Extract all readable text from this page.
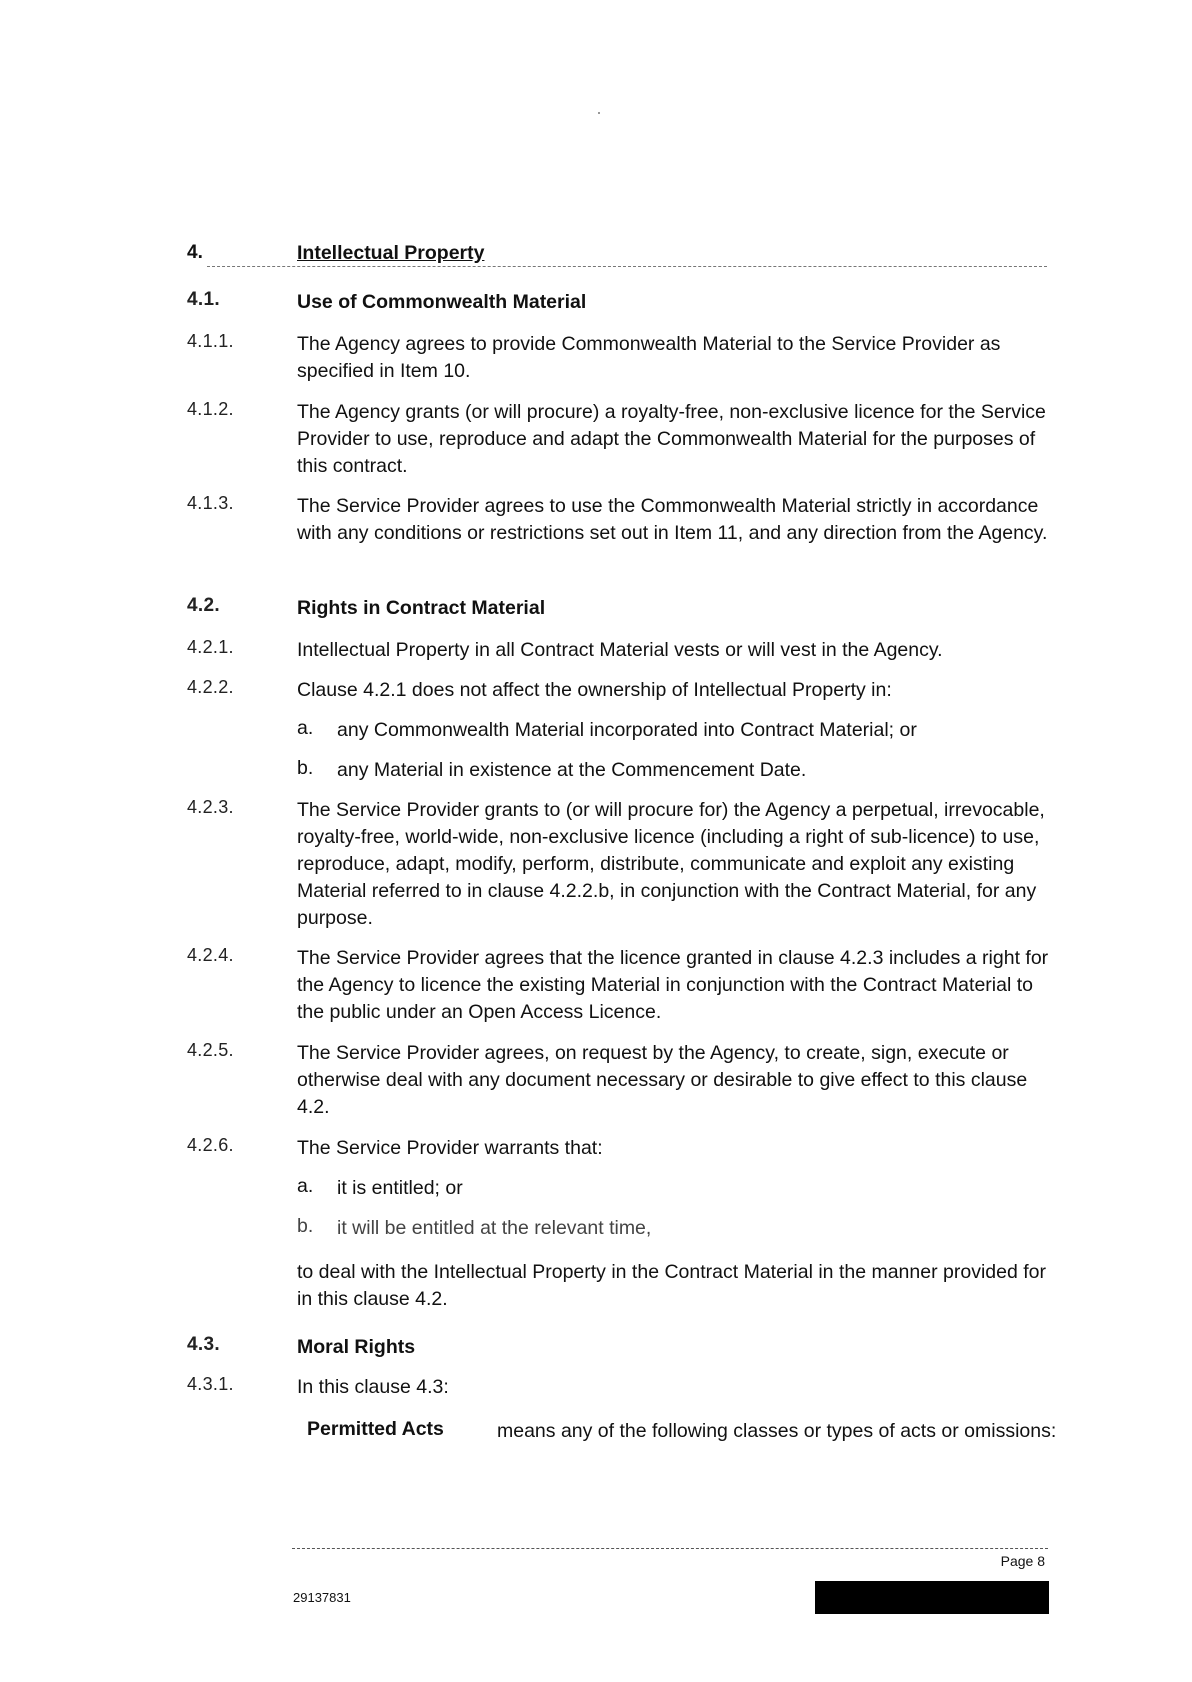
4.	Intellectual Property
4.1.	Use of Commonwealth Material
4.1.1.	The Agency agrees to provide Commonwealth Material to the Service Provider as specified in Item 10.
4.1.2.	The Agency grants (or will procure) a royalty-free, non-exclusive licence for the Service Provider to use, reproduce and adapt the Commonwealth Material for the purposes of this contract.
4.1.3.	The Service Provider agrees to use the Commonwealth Material strictly in accordance with any conditions or restrictions set out in Item 11, and any direction from the Agency.
4.2.	Rights in Contract Material
4.2.1.	Intellectual Property in all Contract Material vests or will vest in the Agency.
4.2.2.	Clause 4.2.1 does not affect the ownership of Intellectual Property in:
a. any Commonwealth Material incorporated into Contract Material; or
b. any Material in existence at the Commencement Date.
4.2.3.	The Service Provider grants to (or will procure for) the Agency a perpetual, irrevocable, royalty-free, world-wide, non-exclusive licence (including a right of sub-licence) to use, reproduce, adapt, modify, perform, distribute, communicate and exploit any existing Material referred to in clause 4.2.2.b, in conjunction with the Contract Material, for any purpose.
4.2.4.	The Service Provider agrees that the licence granted in clause 4.2.3 includes a right for the Agency to licence the existing Material in conjunction with the Contract Material to the public under an Open Access Licence.
4.2.5.	The Service Provider agrees, on request by the Agency, to create, sign, execute or otherwise deal with any document necessary or desirable to give effect to this clause 4.2.
4.2.6.	The Service Provider warrants that:
a. it is entitled; or
b. it will be entitled at the relevant time,
to deal with the Intellectual Property in the Contract Material in the manner provided for in this clause 4.2.
4.3.	Moral Rights
4.3.1.	In this clause 4.3:
Permitted Acts	means any of the following classes or types of acts or omissions:
Page 8
29137831
